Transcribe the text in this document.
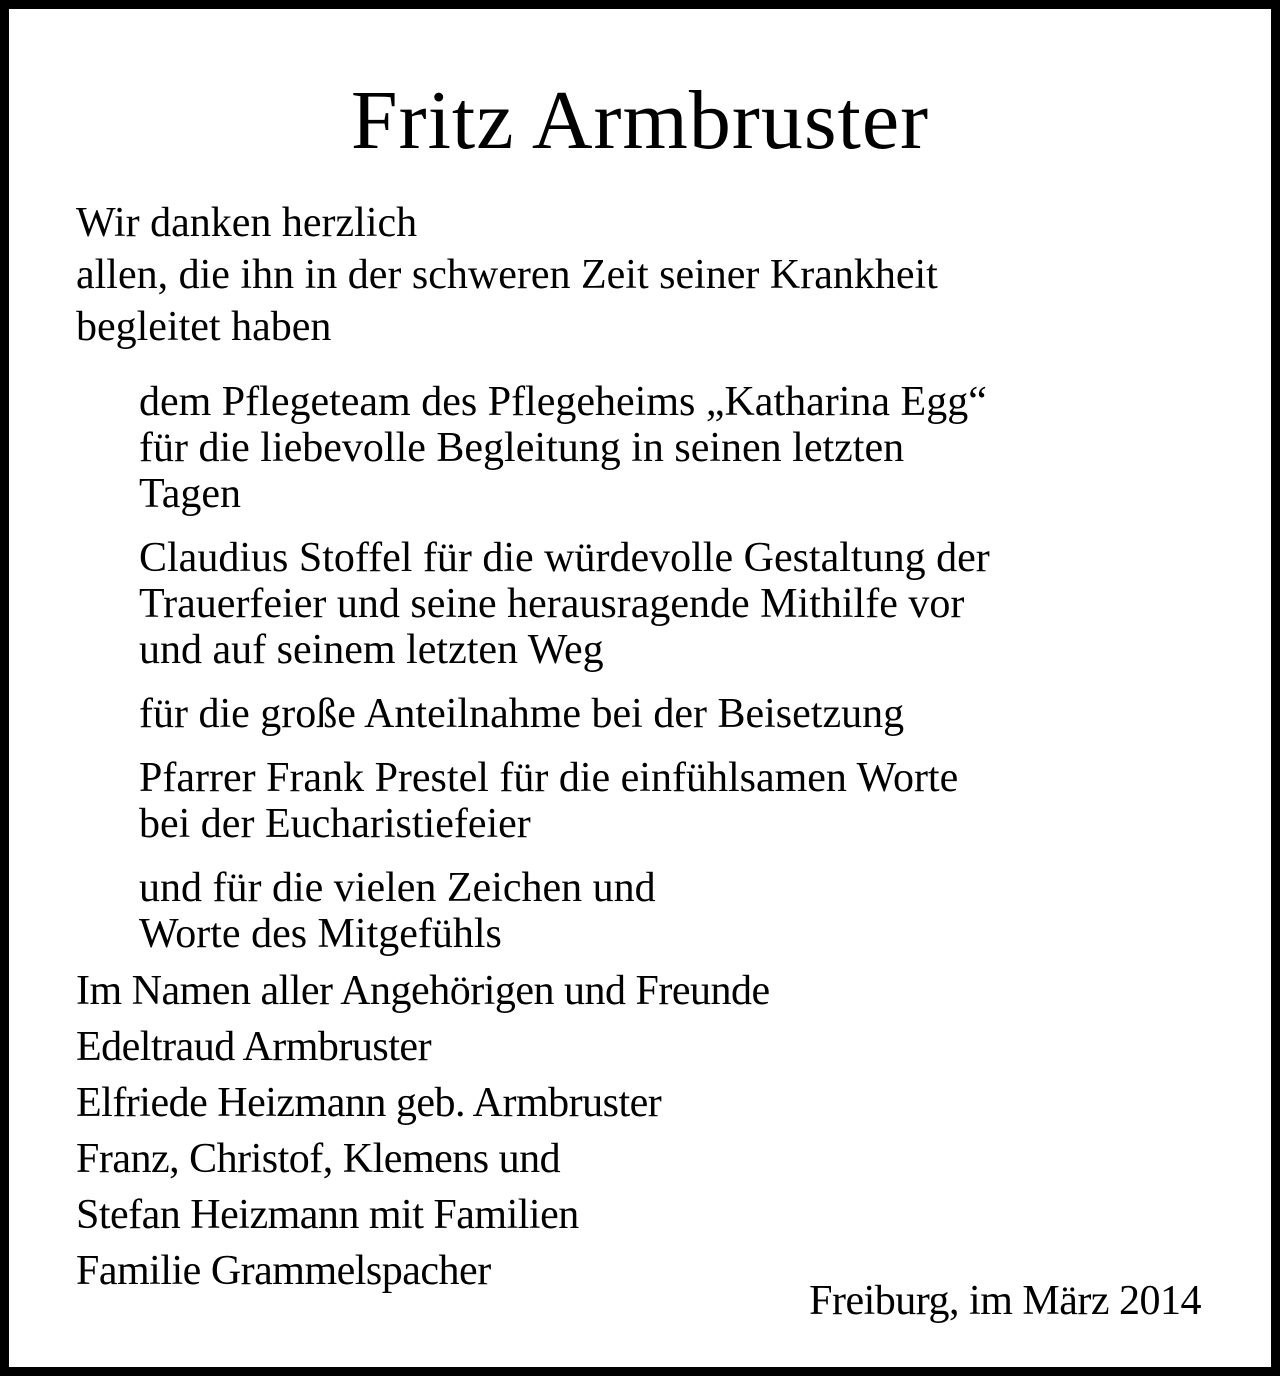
Fritz Armbruster
Wir danken herzlich
allen, die ihn in der schweren Zeit seiner Krankheit
begleitet haben
dem Pflegeteam des Pflegeheims „Katharina Egg“
für die liebevolle Begleitung in seinen letzten
Tagen
Claudius Stoffel für die würdevolle Gestaltung der
Trauerfeier und seine herausragende Mithilfe vor
und auf seinem letzten Weg
für die große Anteilnahme bei der Beisetzung
Pfarrer Frank Prestel für die einfühlsamen Worte
bei der Eucharistiefeier
und für die vielen Zeichen und
Worte des Mitgefühls
Im Namen aller Angehörigen und Freunde
Edeltraud Armbruster
Elfriede Heizmann geb. Armbruster
Franz, Christof, Klemens und
Stefan Heizmann mit Familien
Familie Grammelspacher
Freiburg, im März 2014
